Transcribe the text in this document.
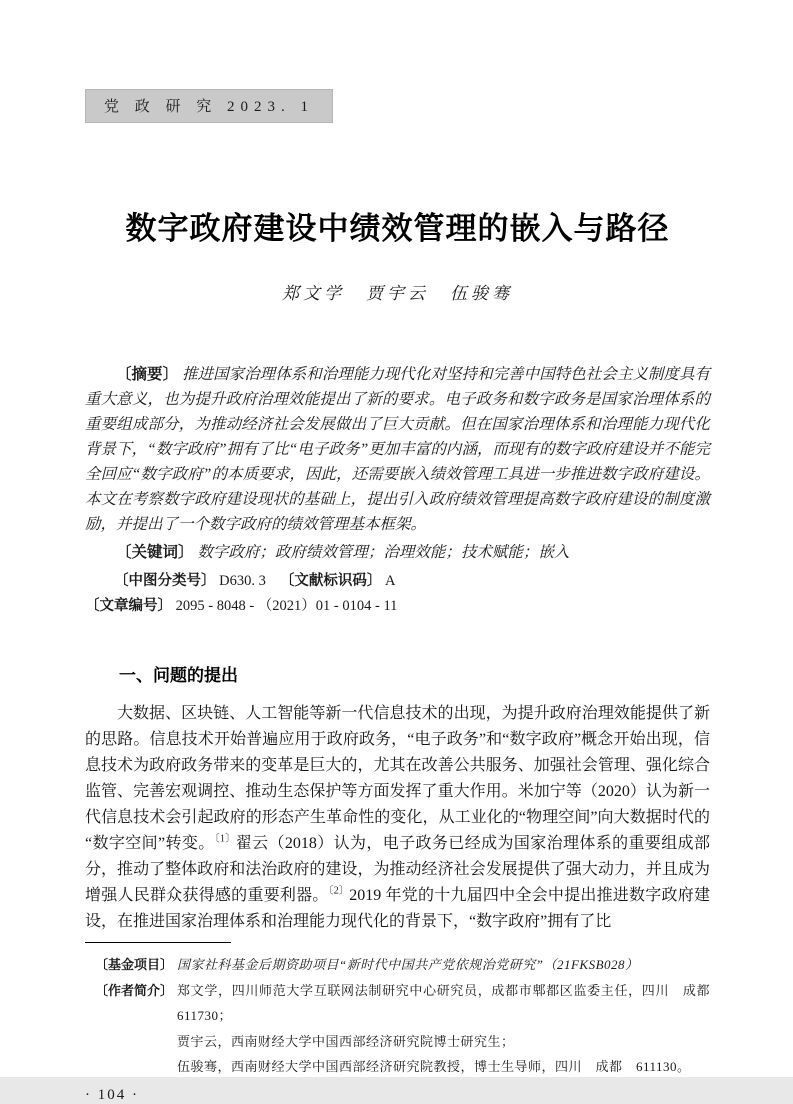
党 政 研 究 2023. 1
数字政府建设中绩效管理的嵌入与路径
郑文学　贾宇云　伍骏骞

〔摘要〕 推进国家治理体系和治理能力现代化对坚持和完善中国特色社会主义制度具有重大意义，也为提升政府治理效能提出了新的要求。电子政务和数字政务是国家治理体系的重要组成部分，为推动经济社会发展做出了巨大贡献。但在国家治理体系和治理能力现代化背景下，“数字政府”拥有了比“电子政务”更加丰富的内涵，而现有的数字政府建设并不能完全回应“数字政府”的本质要求，因此，还需要嵌入绩效管理工具进一步推进数字政府建设。本文在考察数字政府建设现状的基础上，提出引入政府绩效管理提高数字政府建设的制度激励，并提出了一个数字政府的绩效管理基本框架。

〔关键词〕 数字政府；政府绩效管理；治理效能；技术赋能；嵌入

〔中图分类号〕 D630. 3 〔文献标识码〕 A〔文章编号〕 2095 - 8048 - （2021）01 - 0104 - 11

一、问题的提出

大数据、区块链、人工智能等新一代信息技术的出现，为提升政府治理效能提供了新的思路。信息技术开始普遍应用于政府政务，“电子政务”和“数字政府”概念开始出现，信息技术为政府政务带来的变革是巨大的，尤其在改善公共服务、加强社会管理、强化综合监管、完善宏观调控、推动生态保护等方面发挥了重大作用。米加宁等（2020）认为新一代信息技术会引起政府的形态产生革命性的变化，从工业化的“物理空间”向大数据时代的“数字空间”转变。$^{〔1〕}$翟云（2018）认为，电子政务已经成为国家治理体系的重要组成部分，推动了整体政府和法治政府的建设，为推动经济社会发展提供了强大动力，并且成为增强人民群众获得感的重要利器。$^{〔2〕}$2019 年党的十九届四中全会中提出推进数字政府建设，在推进国家治理体系和治理能力现代化的背景下，“数字政府”拥有了比

〔基金项目〕 国家社科基金后期资助项目“新时代中国共产党依规治党研究”（21FKSB028）
〔作者简介〕 郑文学，四川师范大学互联网法制研究中心研究员，成都市郫都区监委主任，四川　成都　611730；
贾宇云，西南财经大学中国西部经济研究院博士研究生；
伍骏骞，西南财经大学中国西部经济研究院教授，博士生导师，四川　成都　611130。
· 104 ·
